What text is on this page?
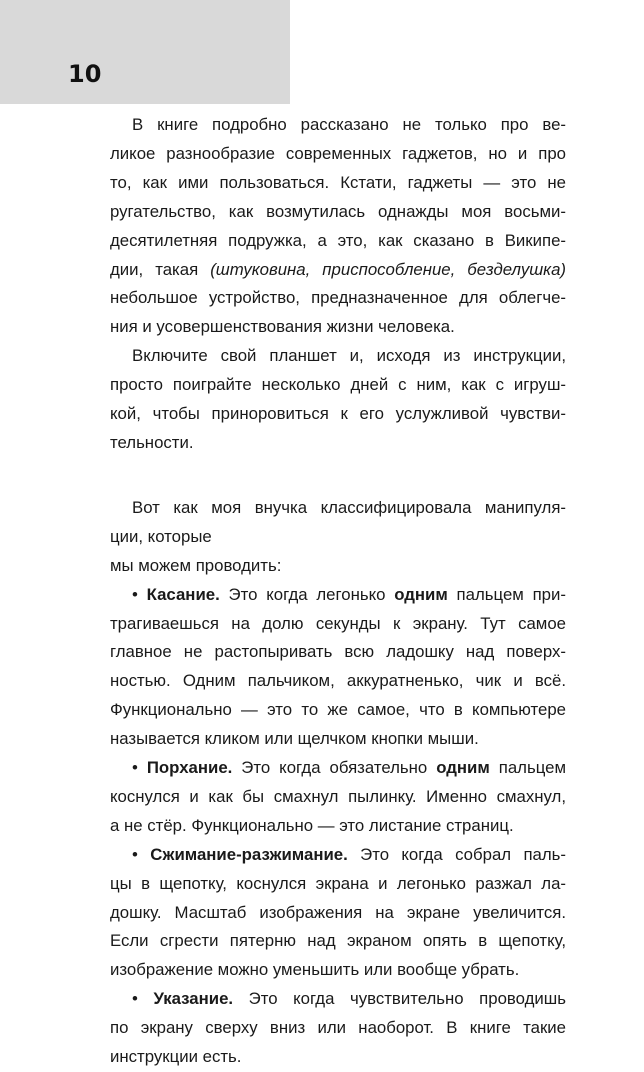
10

В книге подробно рассказано не только про ве-

ликое разнообразие современных гаджетов, но и про

то, как ими пользоваться. Кстати, гаджеты — это не

ругательство, как возмутилась однажды моя восьми-

десятилетняя подружка, а это, как сказано в Википе-

дии, такая (штуковина, приспособление, безделушка)

небольшое устройство, предназначенное для облегче-

ния и усовершенствования жизни человека.

Включите свой планшет и, исходя из инструкции,

просто поиграйте несколько дней с ним, как с игруш-

кой, чтобы приноровиться к его услужливой чувстви-

тельности.

Вот как моя внучка классифицировала манипуля-

ции, которые

мы можем проводить:

• Касание. Это когда легонько одним пальцем при-

трагиваешься на долю секунды к экрану. Тут самое

главное не растопыривать всю ладошку над поверх-

ностью. Одним пальчиком, аккуратненько, чик и всё.

Функционально — это то же самое, что в компьютере

называется кликом или щелчком кнопки мыши.

• Порхание. Это когда обязательно одним пальцем

коснулся и как бы смахнул пылинку. Именно смахнул,

а не стёр. Функционально — это листание страниц.

• Сжимание-разжимание. Это когда собрал паль-

цы в щепотку, коснулся экрана и легонько разжал ла-

дошку. Масштаб изображения на экране увеличится.

Если сгрести пятерню над экраном опять в щепотку,

изображение можно уменьшить или вообще убрать.

• Указание. Это когда чувствительно проводишь

по экрану сверху вниз или наоборот. В книге такие

инструкции есть.
